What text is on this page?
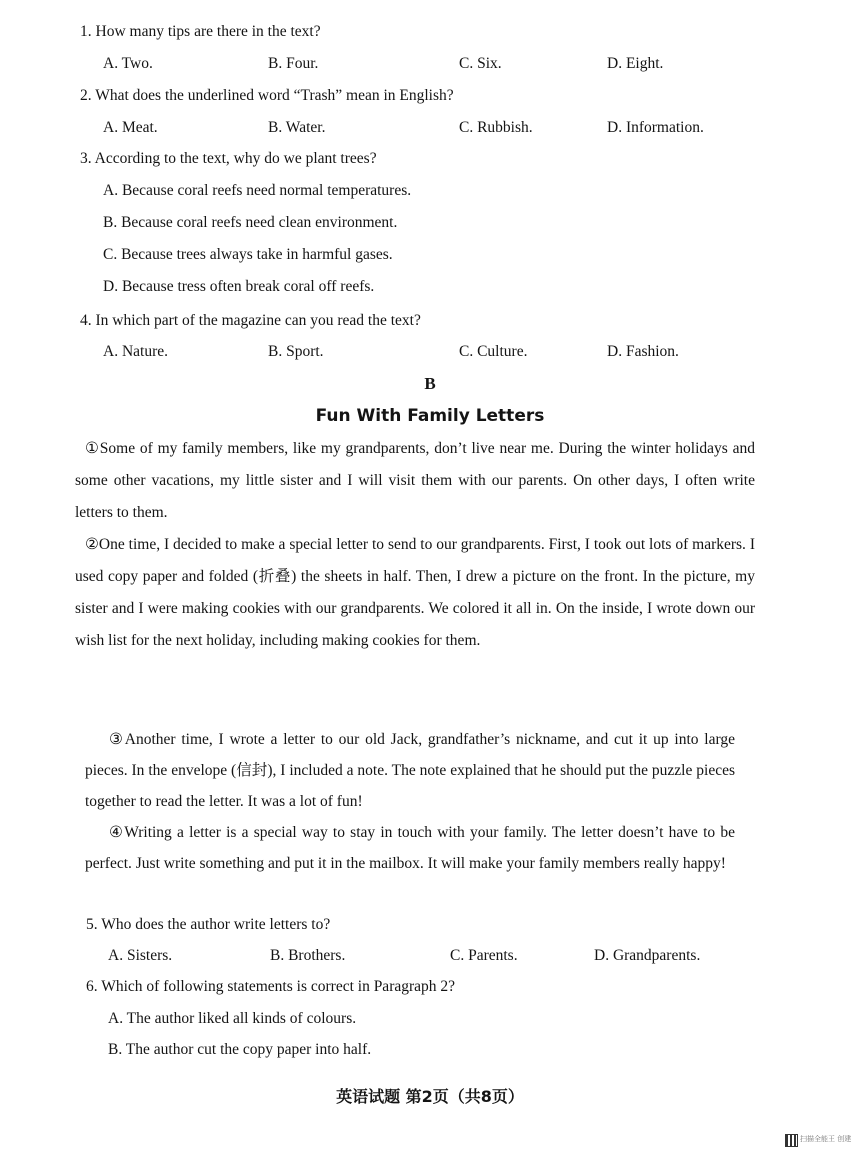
1. How many tips are there in the text?
A. Two.	B. Four.	C. Six.	D. Eight.
2. What does the underlined word “Trash” mean in English?
A. Meat.	B. Water.	C. Rubbish.	D. Information.
3. According to the text, why do we plant trees?
A. Because coral reefs need normal temperatures.
B. Because coral reefs need clean environment.
C. Because trees always take in harmful gases.
D. Because tress often break coral off reefs.
4. In which part of the magazine can you read the text?
A. Nature.	B. Sport.	C. Culture.	D. Fashion.
B
Fun With Family Letters
①Some of my family members, like my grandparents, don’t live near me. During the winter holidays and some other vacations, my little sister and I will visit them with our parents. On other days, I often write letters to them.
②One time, I decided to make a special letter to send to our grandparents. First, I took out lots of markers. I used copy paper and folded (折叠) the sheets in half. Then, I drew a picture on the front. In the picture, my sister and I were making cookies with our grandparents. We colored it all in. On the inside, I wrote down our wish list for the next holiday, including making cookies for them.
③Another time, I wrote a letter to our old Jack, grandfather’s nickname, and cut it up into large pieces. In the envelope (信封), I included a note. The note explained that he should put the puzzle pieces together to read the letter. It was a lot of fun!
④Writing a letter is a special way to stay in touch with your family. The letter doesn’t have to be perfect. Just write something and put it in the mailbox. It will make your family members really happy!
5. Who does the author write letters to?
A. Sisters.	B. Brothers.	C. Parents.	D. Grandparents.
6. Which of following statements is correct in Paragraph 2?
A. The author liked all kinds of colours.
B. The author cut the copy paper into half.
英语试题 第2页（共8页）
扫描全能王 创建
